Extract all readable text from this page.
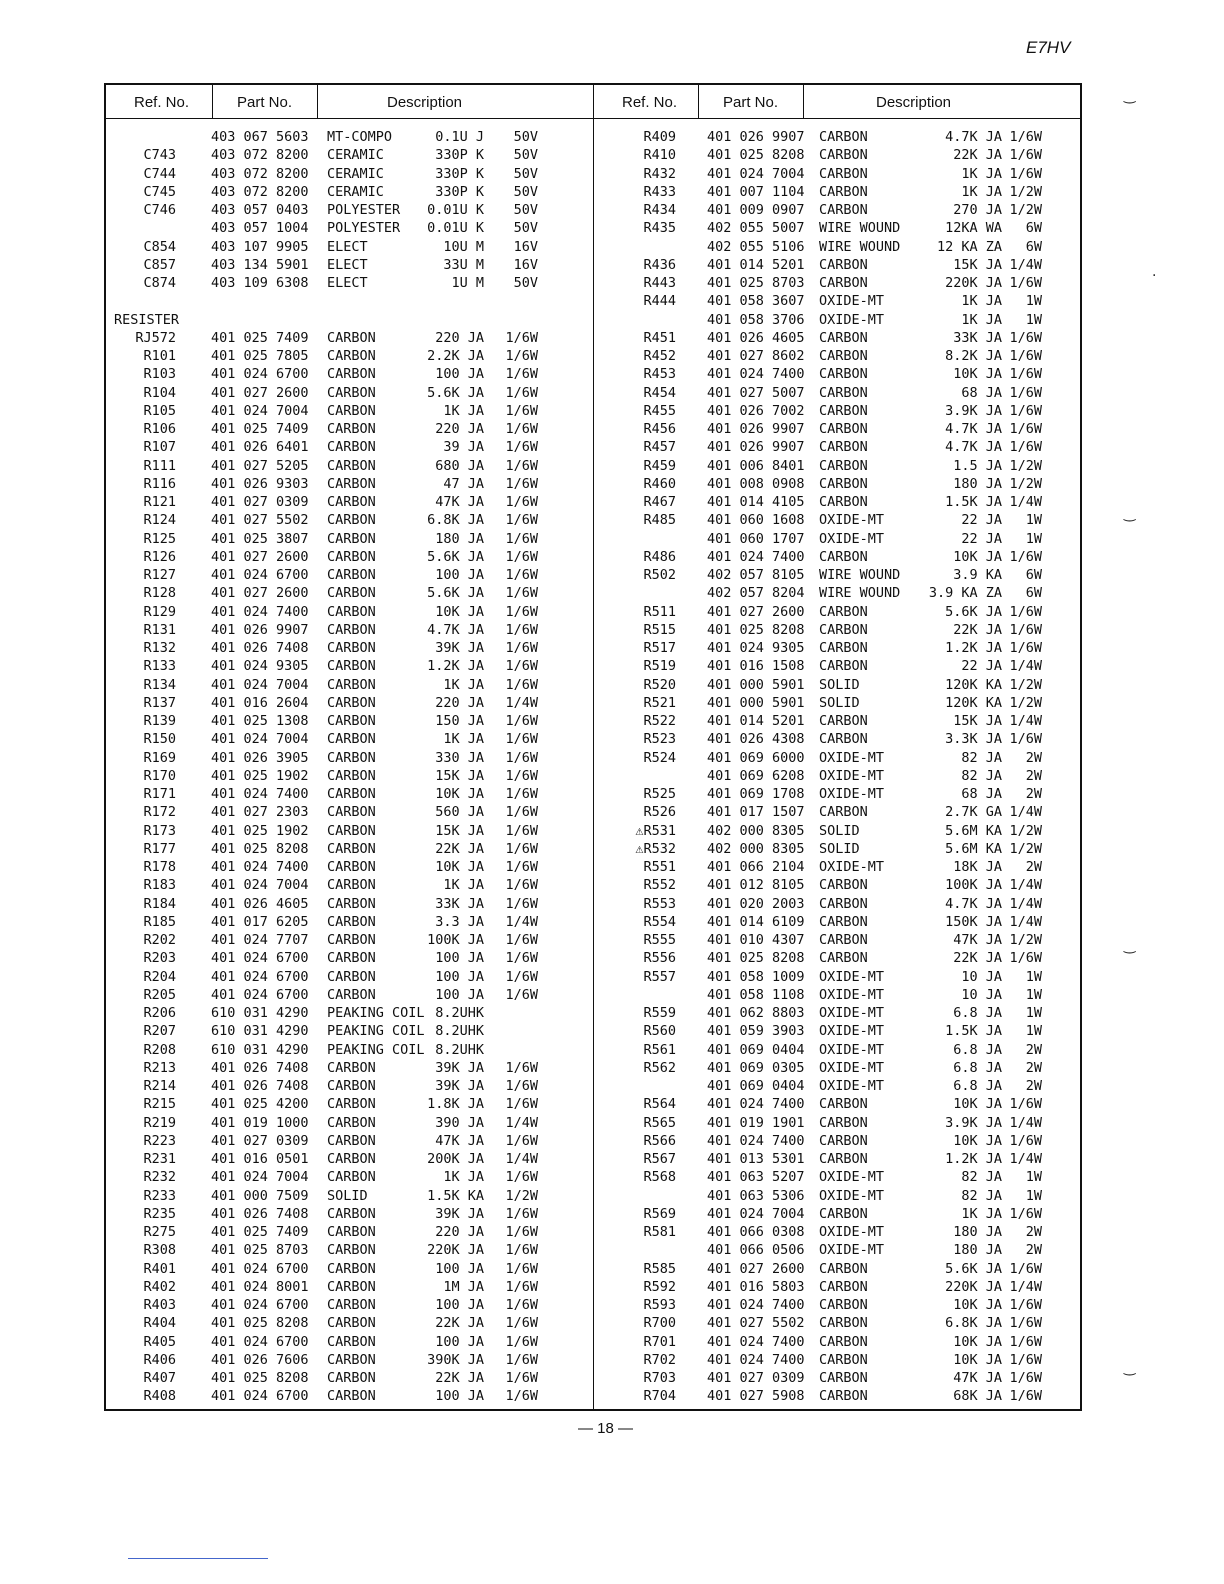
E7HV
Ref. No.	Part No.	Description	Ref. No.	Part No.	Description
403 067 5603 MT-COMPO	0.1U J	50V
C743	403 072 8200 CERAMIC	330P K	50V
C744	403 072 8200 CERAMIC	330P K	50V
C745	403 072 8200 CERAMIC	330P K	50V
C746	403 057 0403 POLYESTER	0.01U K	50V
403 057 1004 POLYESTER	0.01U K	50V
C854	403 107 9905 ELECT	10U M	16V
C857	403 134 5901 ELECT	33U M	16V
C874	403 109 6308 ELECT	1U M	50V
RESISTER
RJ572	401 025 7409 CARBON	220 JA	1/6W
R101	401 025 7805 CARBON	2.2K JA	1/6W
R103	401 024 6700 CARBON	100 JA	1/6W
R104	401 027 2600 CARBON	5.6K JA	1/6W
R105	401 024 7004 CARBON	1K JA	1/6W
R106	401 025 7409 CARBON	220 JA	1/6W
R107	401 026 6401 CARBON	39 JA	1/6W
R111	401 027 5205 CARBON	680 JA	1/6W
R116	401 026 9303 CARBON	47 JA	1/6W
R121	401 027 0309 CARBON	47K JA	1/6W
R124	401 027 5502 CARBON	6.8K JA	1/6W
R125	401 025 3807 CARBON	180 JA	1/6W
R126	401 027 2600 CARBON	5.6K JA	1/6W
R127	401 024 6700 CARBON	100 JA	1/6W
R128	401 027 2600 CARBON	5.6K JA	1/6W
R129	401 024 7400 CARBON	10K JA	1/6W
R131	401 026 9907 CARBON	4.7K JA	1/6W
R132	401 026 7408 CARBON	39K JA	1/6W
R133	401 024 9305 CARBON	1.2K JA	1/6W
R134	401 024 7004 CARBON	1K JA	1/6W
R137	401 016 2604 CARBON	220 JA	1/4W
R139	401 025 1308 CARBON	150 JA	1/6W
R150	401 024 7004 CARBON	1K JA	1/6W
R169	401 026 3905 CARBON	330 JA	1/6W
R170	401 025 1902 CARBON	15K JA	1/6W
R171	401 024 7400 CARBON	10K JA	1/6W
R172	401 027 2303 CARBON	560 JA	1/6W
R173	401 025 1902 CARBON	15K JA	1/6W
R177	401 025 8208 CARBON	22K JA	1/6W
R178	401 024 7400 CARBON	10K JA	1/6W
R183	401 024 7004 CARBON	1K JA	1/6W
R184	401 026 4605 CARBON	33K JA	1/6W
R185	401 017 6205 CARBON	3.3 JA	1/4W
R202	401 024 7707 CARBON	100K JA	1/6W
R203	401 024 6700 CARBON	100 JA	1/6W
R204	401 024 6700 CARBON	100 JA	1/6W
R205	401 024 6700 CARBON	100 JA	1/6W
R206	610 031 4290 PEAKING COIL 8.2UHK
R207	610 031 4290 PEAKING COIL 8.2UHK
R208	610 031 4290 PEAKING COIL 8.2UHK
R213	401 026 7408 CARBON	39K JA	1/6W
R214	401 026 7408 CARBON	39K JA	1/6W
R215	401 025 4200 CARBON	1.8K JA	1/6W
R219	401 019 1000 CARBON	390 JA	1/4W
R223	401 027 0309 CARBON	47K JA	1/6W
R231	401 016 0501 CARBON	200K JA	1/4W
R232	401 024 7004 CARBON	1K JA	1/6W
R233	401 000 7509 SOLID	1.5K KA	1/2W
R235	401 026 7408 CARBON	39K JA	1/6W
R275	401 025 7409 CARBON	220 JA	1/6W
R308	401 025 8703 CARBON	220K JA	1/6W
R401	401 024 6700 CARBON	100 JA	1/6W
R402	401 024 8001 CARBON	1M JA	1/6W
R403	401 024 6700 CARBON	100 JA	1/6W
R404	401 025 8208 CARBON	22K JA	1/6W
R405	401 024 6700 CARBON	100 JA	1/6W
R406	401 026 7606 CARBON	390K JA	1/6W
R407	401 025 8208 CARBON	22K JA	1/6W
R408	401 024 6700 CARBON	100 JA	1/6W
R409 401 026 9907 CARBON	4.7K JA 1/6W
R410 401 025 8208 CARBON	22K JA 1/6W
R432 401 024 7004 CARBON	1K JA 1/6W
R433 401 007 1104 CARBON	1K JA 1/2W
R434 401 009 0907 CARBON	270 JA 1/2W
R435 402 055 5007 WIRE WOUND	12KA WA	6W
402 055 5106 WIRE WOUND	12 KA ZA	6W
R436 401 014 5201 CARBON	15K JA 1/4W
R443 401 025 8703 CARBON	220K JA 1/6W
R444 401 058 3607 OXIDE-MT	1K JA	1W
401 058 3706 OXIDE-MT	1K JA	1W
R451 401 026 4605 CARBON	33K JA 1/6W
R452 401 027 8602 CARBON	8.2K JA 1/6W
R453 401 024 7400 CARBON	10K JA 1/6W
R454 401 027 5007 CARBON	68 JA 1/6W
R455 401 026 7002 CARBON	3.9K JA 1/6W
R456 401 026 9907 CARBON	4.7K JA 1/6W
R457 401 026 9907 CARBON	4.7K JA 1/6W
R459 401 006 8401 CARBON	1.5 JA 1/2W
R460 401 008 0908 CARBON	180 JA 1/2W
R467 401 014 4105 CARBON	1.5K JA 1/4W
R485 401 060 1608 OXIDE-MT	22 JA	1W
401 060 1707 OXIDE-MT	22 JA	1W
R486 401 024 7400 CARBON	10K JA 1/6W
R502 402 057 8105 WIRE WOUND	3.9 KA	6W
402 057 8204 WIRE WOUND	3.9 KA ZA	6W
R511 401 027 2600 CARBON	5.6K JA 1/6W
R515 401 025 8208 CARBON	22K JA 1/6W
R517 401 024 9305 CARBON	1.2K JA 1/6W
R519 401 016 1508 CARBON	22 JA 1/4W
R520 401 000 5901 SOLID	120K KA 1/2W
R521 401 000 5901 SOLID	120K KA 1/2W
R522 401 014 5201 CARBON	15K JA 1/4W
R523 401 026 4308 CARBON	3.3K JA 1/6W
R524 401 069 6000 OXIDE-MT	82 JA	2W
401 069 6208 OXIDE-MT	82 JA	2W
R525 401 069 1708 OXIDE-MT	68 JA	2W
R526 401 017 1507 CARBON	2.7K GA 1/4W
⚠R531 402 000 8305 SOLID	5.6M KA 1/2W
⚠R532 402 000 8305 SOLID	5.6M KA 1/2W
R551 401 066 2104 OXIDE-MT	18K JA	2W
R552 401 012 8105 CARBON	100K JA 1/4W
R553 401 020 2003 CARBON	4.7K JA 1/4W
R554 401 014 6109 CARBON	150K JA 1/4W
R555 401 010 4307 CARBON	47K JA 1/2W
R556 401 025 8208 CARBON	22K JA 1/6W
R557 401 058 1009 OXIDE-MT	10 JA	1W
401 058 1108 OXIDE-MT	10 JA	1W
R559 401 062 8803 OXIDE-MT	6.8 JA	1W
R560 401 059 3903 OXIDE-MT	1.5K JA	1W
R561 401 069 0404 OXIDE-MT	6.8 JA	2W
R562 401 069 0305 OXIDE-MT	6.8 JA	2W
401 069 0404 OXIDE-MT	6.8 JA	2W
R564 401 024 7400 CARBON	10K JA 1/6W
R565 401 019 1901 CARBON	3.9K JA 1/4W
R566 401 024 7400 CARBON	10K JA 1/6W
R567 401 013 5301 CARBON	1.2K JA 1/4W
R568 401 063 5207 OXIDE-MT	82 JA	1W
401 063 5306 OXIDE-MT	82 JA	1W
R569 401 024 7004 CARBON	1K JA 1/6W
R581 401 066 0308 OXIDE-MT	180 JA	2W
401 066 0506 OXIDE-MT	180 JA	2W
R585 401 027 2600 CARBON	5.6K JA 1/6W
R592 401 016 5803 CARBON	220K JA 1/4W
R593 401 024 7400 CARBON	10K JA 1/6W
R700 401 027 5502 CARBON	6.8K JA 1/6W
R701 401 024 7400 CARBON	10K JA 1/6W
R702 401 024 7400 CARBON	10K JA 1/6W
R703 401 027 0309 CARBON	47K JA 1/6W
R704 401 027 5908 CARBON	68K JA 1/6W
— 18 —
‿
·
‿
‿
‿
